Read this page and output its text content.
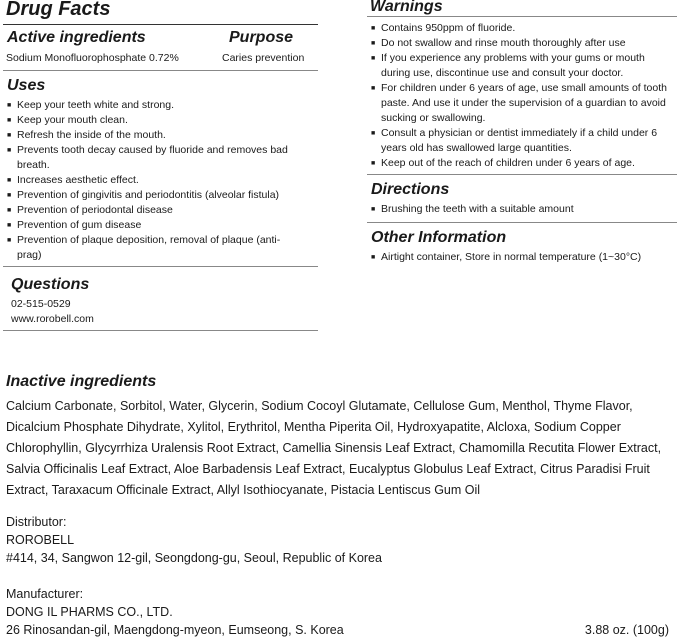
Drug Facts
Active ingredients	Purpose
Sodium Monofluorophosphate 0.72%	Caries prevention
Uses
■ Keep your teeth white and strong.
■ Keep your mouth clean.
■ Refresh the inside of the mouth.
■ Prevents tooth decay caused by fluoride and removes bad breath.
■ Increases aesthetic effect.
■ Prevention of gingivitis and periodontitis (alveolar fistula)
■ Prevention of periodontal disease
■ Prevention of gum disease
■ Prevention of plaque deposition, removal of plaque (anti- prag)
Questions
02-515-0529
www.rorobell.com
Warnings
■ Contains 950ppm of fluoride.
■ Do not swallow and rinse mouth thoroughly after use
■ If you experience any problems with your gums or mouth during use, discontinue use and consult your doctor.
■ For children under 6 years of age, use small amounts of tooth paste. And use it under the supervision of a guardian to avoid sucking or swallowing.
■ Consult a physician or dentist immediately if a child under 6 years old has swallowed large quantities.
■ Keep out of the reach of children under 6 years of age.
Directions
■ Brushing the teeth with a suitable amount
Other Information
■ Airtight container, Store in normal temperature (1~30°C)
Inactive ingredients
Calcium Carbonate, Sorbitol, Water, Glycerin, Sodium Cocoyl Glutamate, Cellulose Gum, Menthol, Thyme Flavor, Dicalcium Phosphate Dihydrate, Xylitol, Erythritol, Mentha Piperita Oil, Hydroxyapatite, Alcloxa, Sodium Copper Chlorophyllin, Glycyrrhiza Uralensis Root Extract, Camellia Sinensis Leaf Extract, Chamomilla Recutita Flower Extract, Salvia Officinalis Leaf Extract, Aloe Barbadensis Leaf Extract, Eucalyptus Globulus Leaf Extract, Citrus Paradisi Fruit Extract, Taraxacum Officinale Extract, Allyl Isothiocyanate, Pistacia Lentiscus Gum Oil
Distributor:
ROROBELL
#414, 34, Sangwon 12-gil, Seongdong-gu, Seoul, Republic of Korea
Manufacturer:
DONG IL PHARMS CO., LTD.
26 Rinosandan-gil, Maengdong-myeon, Eumseong, S. Korea	3.88 oz. (100g)
